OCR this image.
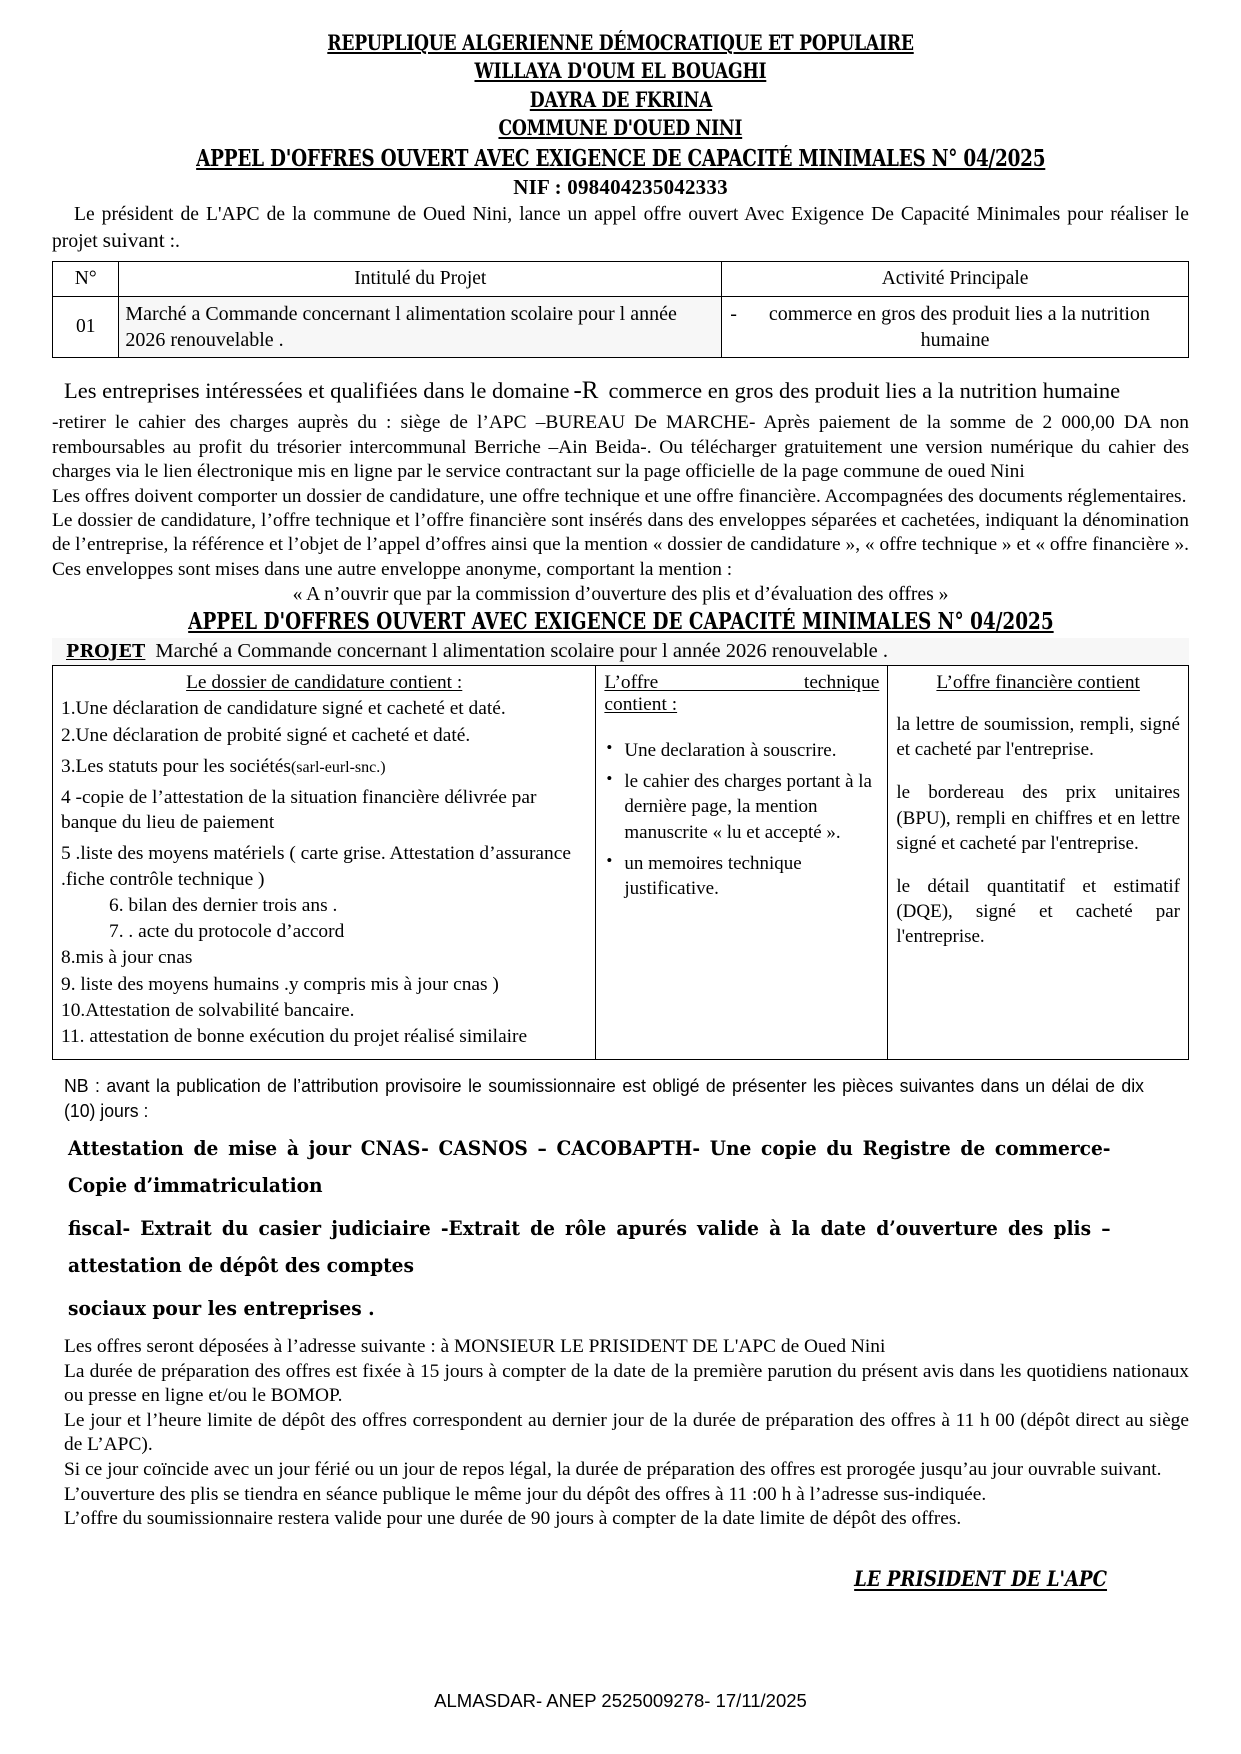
REPUPLIQUE ALGERIENNE DÉMOCRATIQUE ET POPULAIRE
WILLAYA D'OUM EL BOUAGHI
DAYRA DE FKRINA
COMMUNE D'OUED NINI
APPEL D'OFFRES OUVERT AVEC EXIGENCE DE CAPACITÉ MINIMALES N° 04/2025
NIF : 098404235042333

Le président de L'APC de la commune de Oued Nini, lance un appel offre ouvert Avec Exigence De Capacité Minimales pour réaliser le projet suivant :.

N°	Intitulé du Projet	Activité Principale
01	Marché a Commande concernant l alimentation scolaire pour l année 2026 renouvelable .	- commerce en gros des produit lies a la nutrition humaine

Les entreprises intéressées et qualifiées dans le domaine -R commerce en gros des produit lies a la nutrition humaine

-retirer le cahier des charges auprès du : siège de l’APC –BUREAU De MARCHE- Après paiement de la somme de 2 000,00 DA non remboursables au profit du trésorier intercommunal Berriche –Ain Beida-. Ou télécharger gratuitement une version numérique du cahier des charges via le lien électronique mis en ligne par le service contractant sur la page officielle de la page commune de oued Nini

Les offres doivent comporter un dossier de candidature, une offre technique et une offre financière. Accompagnées des documents réglementaires.

Le dossier de candidature, l’offre technique et l’offre financière sont insérés dans des enveloppes séparées et cachetées, indiquant la dénomination de l’entreprise, la référence et l’objet de l’appel d’offres ainsi que la mention « dossier de candidature », « offre technique » et « offre financière ». Ces enveloppes sont mises dans une autre enveloppe anonyme, comportant la mention :

« A n’ouvrir que par la commission d’ouverture des plis et d’évaluation des offres »
APPEL D'OFFRES OUVERT AVEC EXIGENCE DE CAPACITÉ MINIMALES N° 04/2025
PROJET Marché a Commande concernant l alimentation scolaire pour l année 2026 renouvelable .
Le dossier de candidature contient :
1.Une déclaration de candidature signé et cacheté et daté.
2.Une déclaration de probité signé et cacheté et daté.
3.Les statuts pour les sociétés(sarl-eurl-snc.)
4 -copie de l’attestation de la situation financière délivrée par banque du lieu de paiement
5 .liste des moyens matériels ( carte grise. Attestation d’assurance .fiche contrôle technique )
6. bilan des dernier trois ans .
7. . acte du protocole d’accord
8.mis à jour cnas
9. liste des moyens humains .y compris mis à jour cnas )
10.Attestation de solvabilité bancaire.
11. attestation de bonne exécution du projet réalisé similaire

L’offre technique
contient :
• Une declaration à souscrire.
• le cahier des charges portant à la dernière page, la mention manuscrite « lu et accepté ».
• un memoires technique justificative.

L’offre financière contient
la lettre de soumission, rempli, signé et cacheté par l'entreprise.
le bordereau des prix unitaires (BPU), rempli en chiffres et en lettre signé et cacheté par l'entreprise.
le détail quantitatif et estimatif (DQE), signé et cacheté par l'entreprise.
NB : avant la publication de l’attribution provisoire le soumissionnaire est obligé de présenter les pièces suivantes dans un délai de dix (10) jours :
Attestation de mise à jour CNAS- CASNOS – CACOBAPTH- Une copie du Registre de commerce- Copie d’immatriculation
fiscal- Extrait du casier judiciaire -Extrait de rôle apurés valide à la date d’ouverture des plis –attestation de dépôt des comptes
sociaux pour les entreprises .

Les offres seront déposées à l’adresse suivante : à MONSIEUR LE PRISIDENT DE L'APC de Oued Nini

La durée de préparation des offres est fixée à 15 jours à compter de la date de la première parution du présent avis dans les quotidiens nationaux ou presse en ligne et/ou le BOMOP.

Le jour et l’heure limite de dépôt des offres correspondent au dernier jour de la durée de préparation des offres à 11 h 00 (dépôt direct au siège de L’APC).

Si ce jour coïncide avec un jour férié ou un jour de repos légal, la durée de préparation des offres est prorogée jusqu’au jour ouvrable suivant.

L’ouverture des plis se tiendra en séance publique le même jour du dépôt des offres à 11 :00 h à l’adresse sus-indiquée.

L’offre du soumissionnaire restera valide pour une durée de 90 jours à compter de la date limite de dépôt des offres.

LE PRISIDENT DE L'APC
ALMASDAR- ANEP 2525009278- 17/11/2025
